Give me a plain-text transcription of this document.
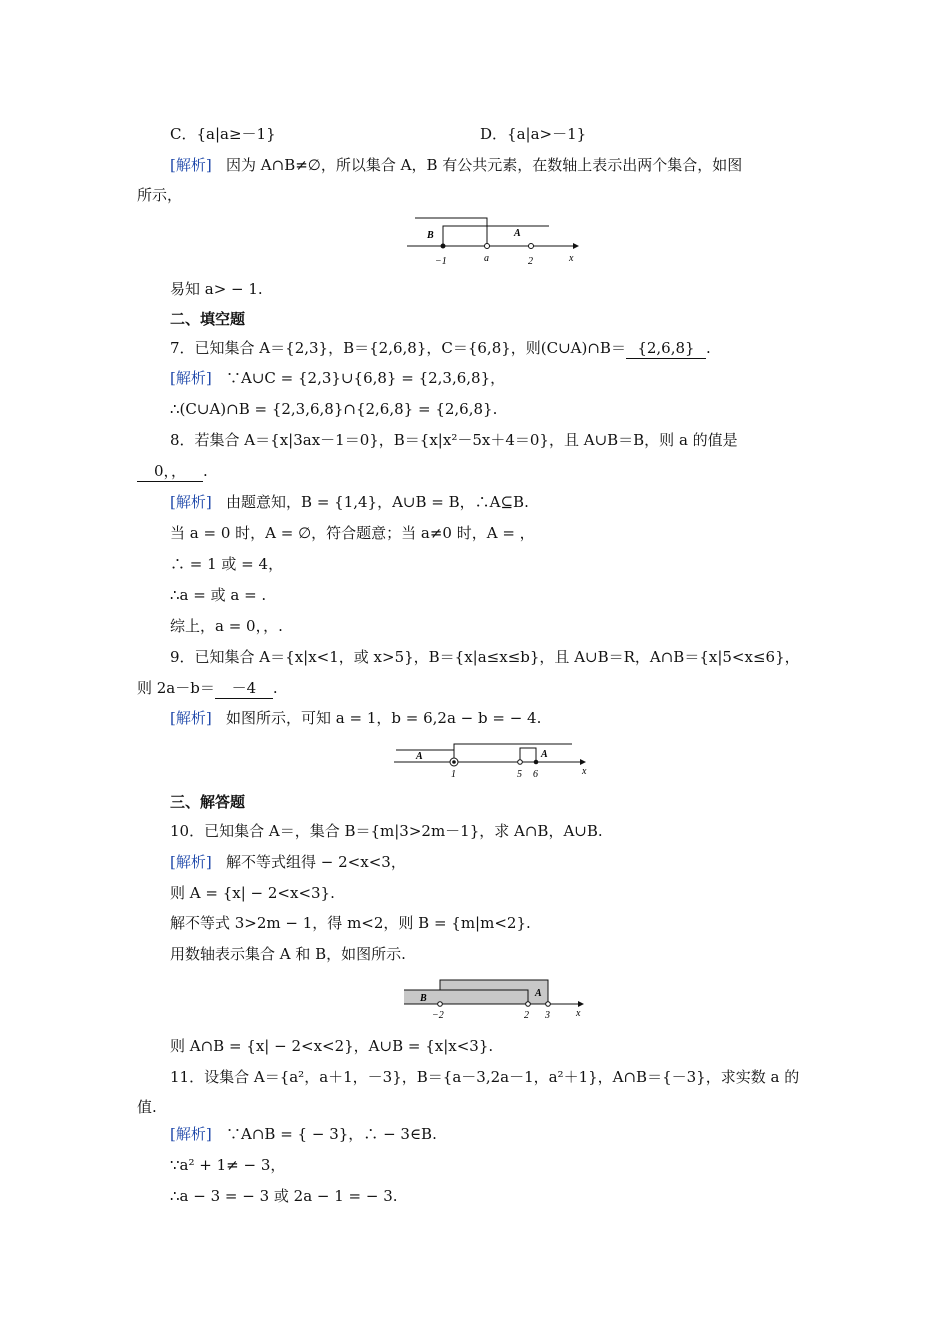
C．{a|a≥－1}	D．{a|a>－1}
[解析] 因为 A∩B≠∅，所以集合 A，B 有公共元素，在数轴上表示出两个集合，如图
所示，
B	A
−1	a	2	x
易知 a> − 1.
二、填空题
7．已知集合 A＝{2,3}，B＝{2,6,8}，C＝{6,8}，则(C∪A)∩B＝ {2,6,8} .
[解析] ∵A∪C = {2,3}∪{6,8} = {2,3,6,8}，
∴(C∪A)∩B = {2,3,6,8}∩{2,6,8} = {2,6,8}.
8．若集合 A＝{x|3ax－1＝0}，B＝{x|x²－5x＋4＝0}，且 A∪B＝B，则 a 的值是
0，， .
[解析] 由题意知，B = {1,4}，A∪B = B，∴A⊆B.
当 a = 0 时，A = ∅，符合题意；当 a≠0 时，A = ，
∴ = 1 或 = 4，
∴a = 或 a = .
综上，a = 0，，.
9．已知集合 A＝{x|x<1，或 x>5}，B＝{x|a≤x≤b}，且 A∪B＝R，A∩B＝{x|5<x≤6}，
则 2a－b＝ －4 .
[解析] 如图所示，可知 a = 1，b = 6,2a − b = − 4.
A	A
1	5 6	x
三、解答题
10．已知集合 A＝，集合 B＝{m|3>2m－1}，求 A∩B，A∪B.
[解析] 解不等式组得 − 2<x<3，
则 A = {x| − 2<x<3}.
解不等式 3>2m − 1，得 m<2，则 B = {m|m<2}.
用数轴表示集合 A 和 B，如图所示.
B	A
−2	2 3	x
则 A∩B = {x| − 2<x<2}，A∪B = {x|x<3}.
11．设集合 A＝{a²，a＋1，－3}，B＝{a－3,2a－1，a²＋1}，A∩B＝{－3}，求实数 a 的
值.
[解析] ∵A∩B = { − 3}，∴ − 3∈B.
∵a² + 1≠ − 3，
∴a − 3 = − 3 或 2a − 1 = − 3.
